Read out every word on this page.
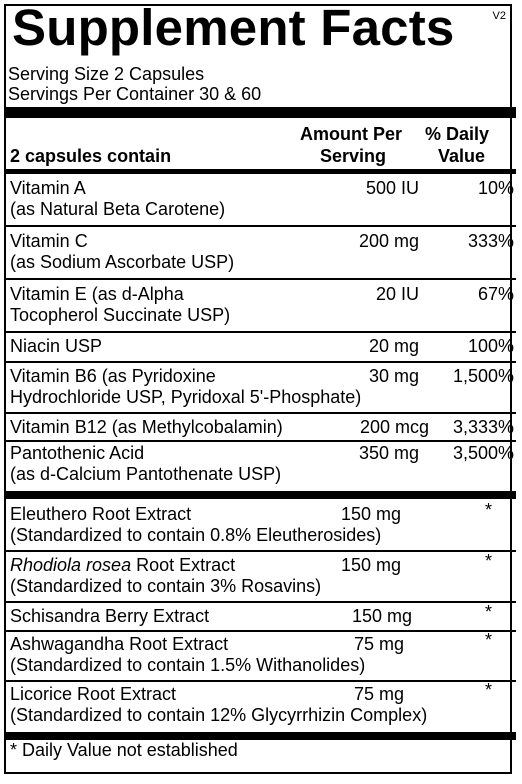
Supplement Facts	V2
Serving Size 2 Capsules
Servings Per Container 30 & 60
2 capsules contain
Amount Per
Serving
% Daily
Value
Vitamin A
(as Natural Beta Carotene)
500 IU	10%
Vitamin C
(as Sodium Ascorbate USP)
200 mg	333%
Vitamin E (as d-Alpha
Tocopherol Succinate USP)
20 IU	67%
Niacin USP	20 mg	100%
Vitamin B6 (as Pyridoxine
Hydrochloride USP, Pyridoxal 5'-Phosphate)
30 mg 1,500%
Vitamin B12 (as Methylcobalamin)	200 mcg 3,333%
Pantothenic Acid
(as d-Calcium Pantothenate USP)
350 mg 3,500%
Eleuthero Root Extract
(Standardized to contain 0.8% Eleutherosides)
150 mg	*
Rhodiola rosea Root Extract
(Standardized to contain 3% Rosavins)
150 mg	*
Schisandra Berry Extract	150 mg	*
Ashwagandha Root Extract
(Standardized to contain 1.5% Withanolides)
75 mg	*
Licorice Root Extract
(Standardized to contain 12% Glycyrrhizin Complex)
75 mg	*
* Daily Value not established
